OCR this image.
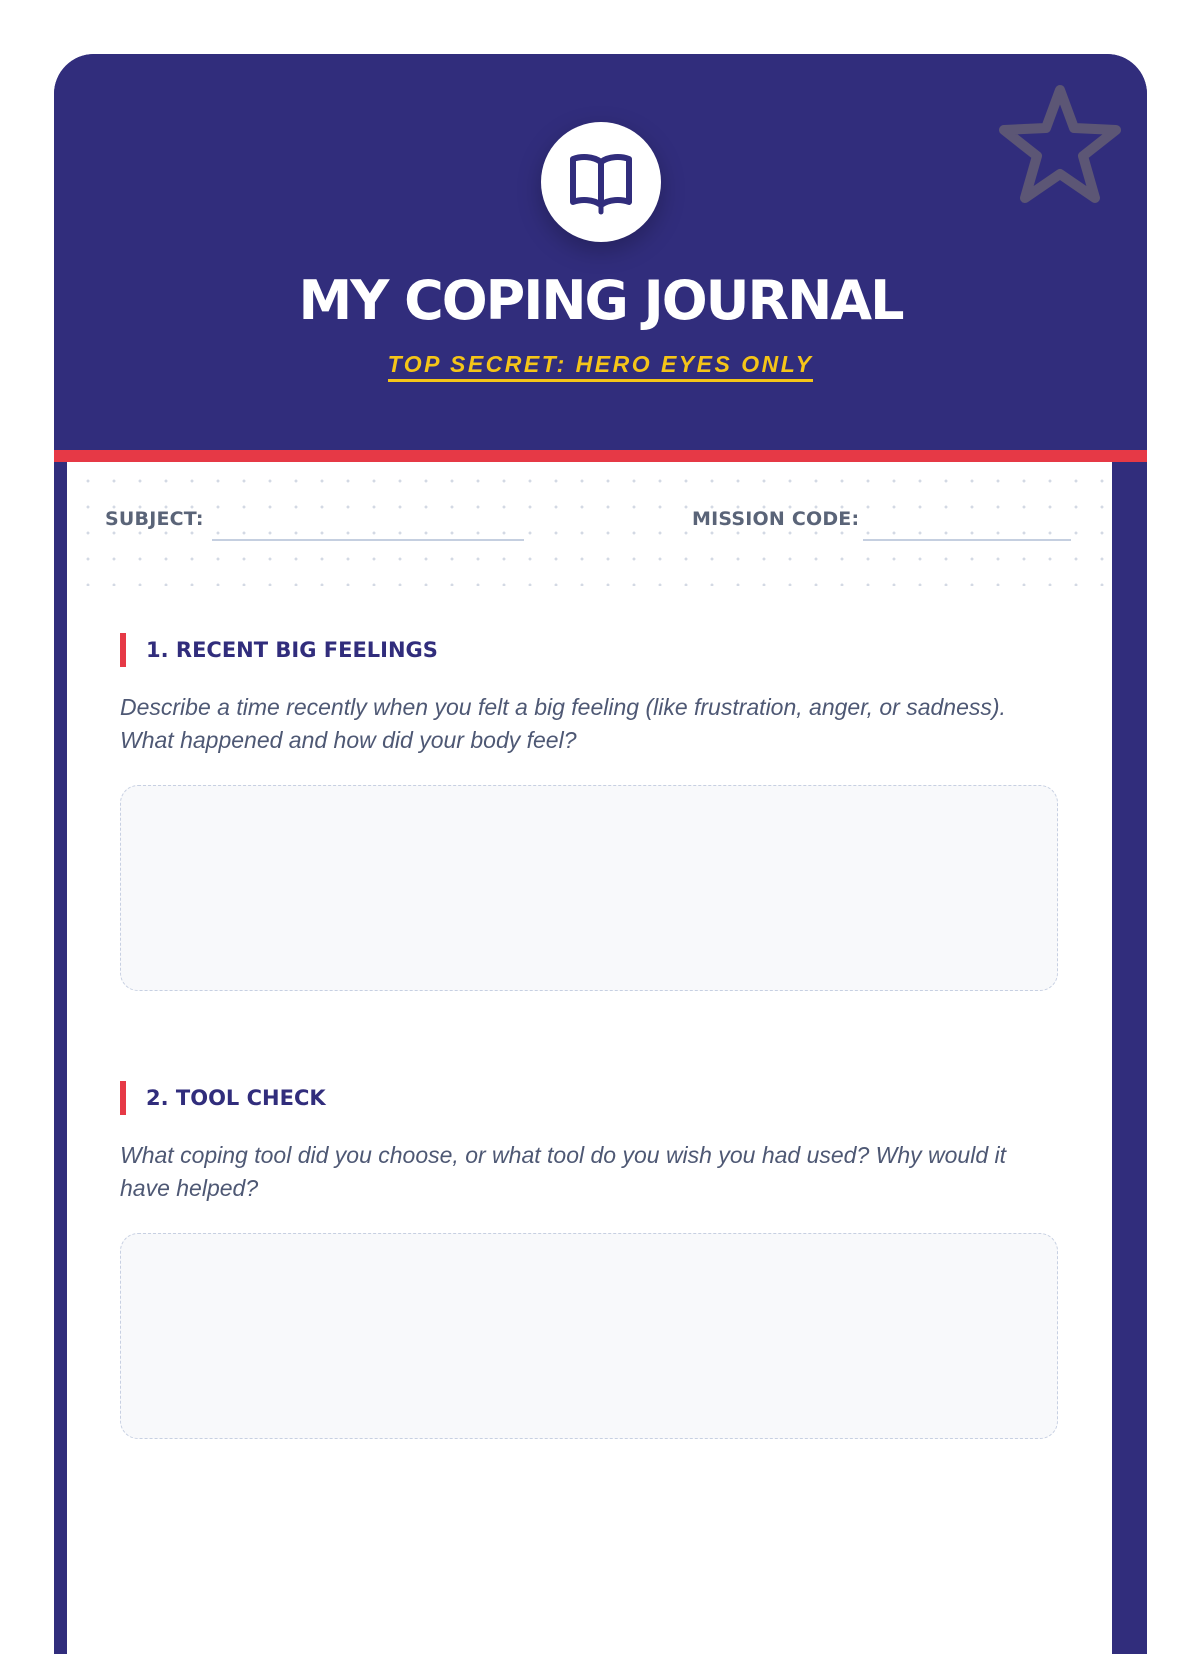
MY COPING JOURNAL
TOP SECRET: HERO EYES ONLY
SUBJECT:	MISSION CODE:
1. RECENT BIG FEELINGS
Describe a time recently when you felt a big feeling (like frustration, anger, or sadness). What happened and how did your body feel?
2. TOOL CHECK
What coping tool did you choose, or what tool do you wish you had used? Why would it have helped?
